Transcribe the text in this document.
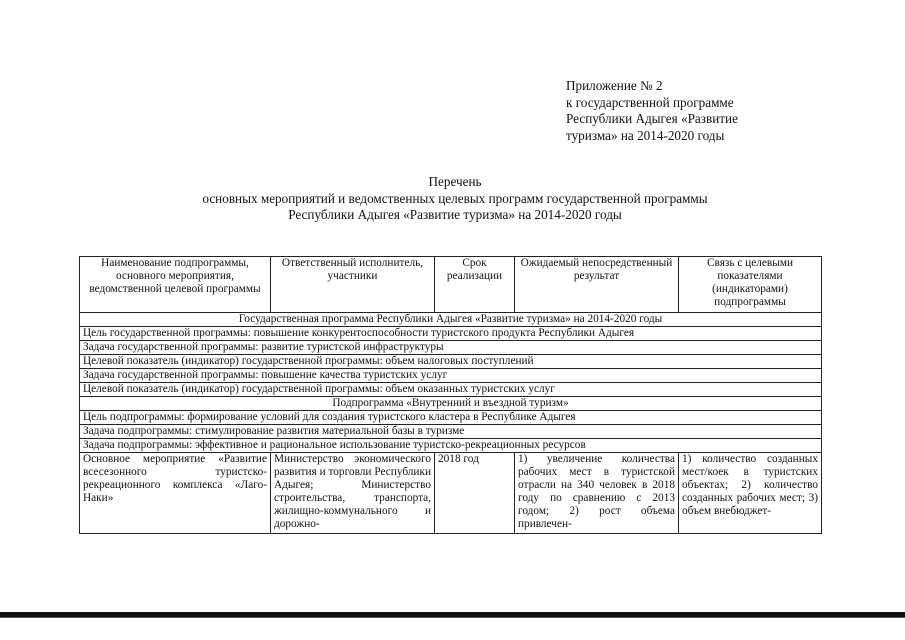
Приложение № 2
к государственной программе
Республики Адыгея «Развитие
туризма» на 2014-2020 годы
Перечень
основных мероприятий и ведомственных целевых программ государственной программы
Республики Адыгея «Развитие туризма» на 2014-2020 годы
Наименование подпрограммы, основного мероприятия, ведомственной целевой программы	Ответственный исполнитель, участники	Срок реализации	Ожидаемый непосредственный результат	Связь с целевыми показателями (индикаторами) подпрограммы
Государственная программа Республики Адыгея «Развитие туризма» на 2014-2020 годы				
Цель государственной программы: повышение конкурентоспособности туристского продукта Республики Адыгея				
Задача государственной программы: развитие туристской инфраструктуры				
Целевой показатель (индикатор) государственной программы: объем налоговых поступлений				
Задача государственной программы: повышение качества туристских услуг				
Целевой показатель (индикатор) государственной программы: объем оказанных туристских услуг				
Подпрограмма «Внутренний и въездной туризм»				
Цель подпрограммы: формирование условий для создания туристского кластера в Республике Адыгея				
Задача подпрограммы: стимулирование развития материальной базы в туризме				
Задача подпрограммы: эффективное и рациональное использование туристско-рекреационных ресурсов				
Основное мероприятие «Развитие всесезонного туристско-рекреационного комплекса «Лаго-Наки»	Министерство экономического развития и торговли Республики Адыгея; Министерство строительства, транспорта, жилищно-коммунального и дорожно-	2018 год	1) увеличение количества рабочих мест в туристской отрасли на 340 человек в 2018 году по сравнению с 2013 годом; 2) рост объема привлечен-	1) количество созданных мест/коек в туристских объектах; 2) количество созданных рабочих мест; 3) объем внебюджет-
